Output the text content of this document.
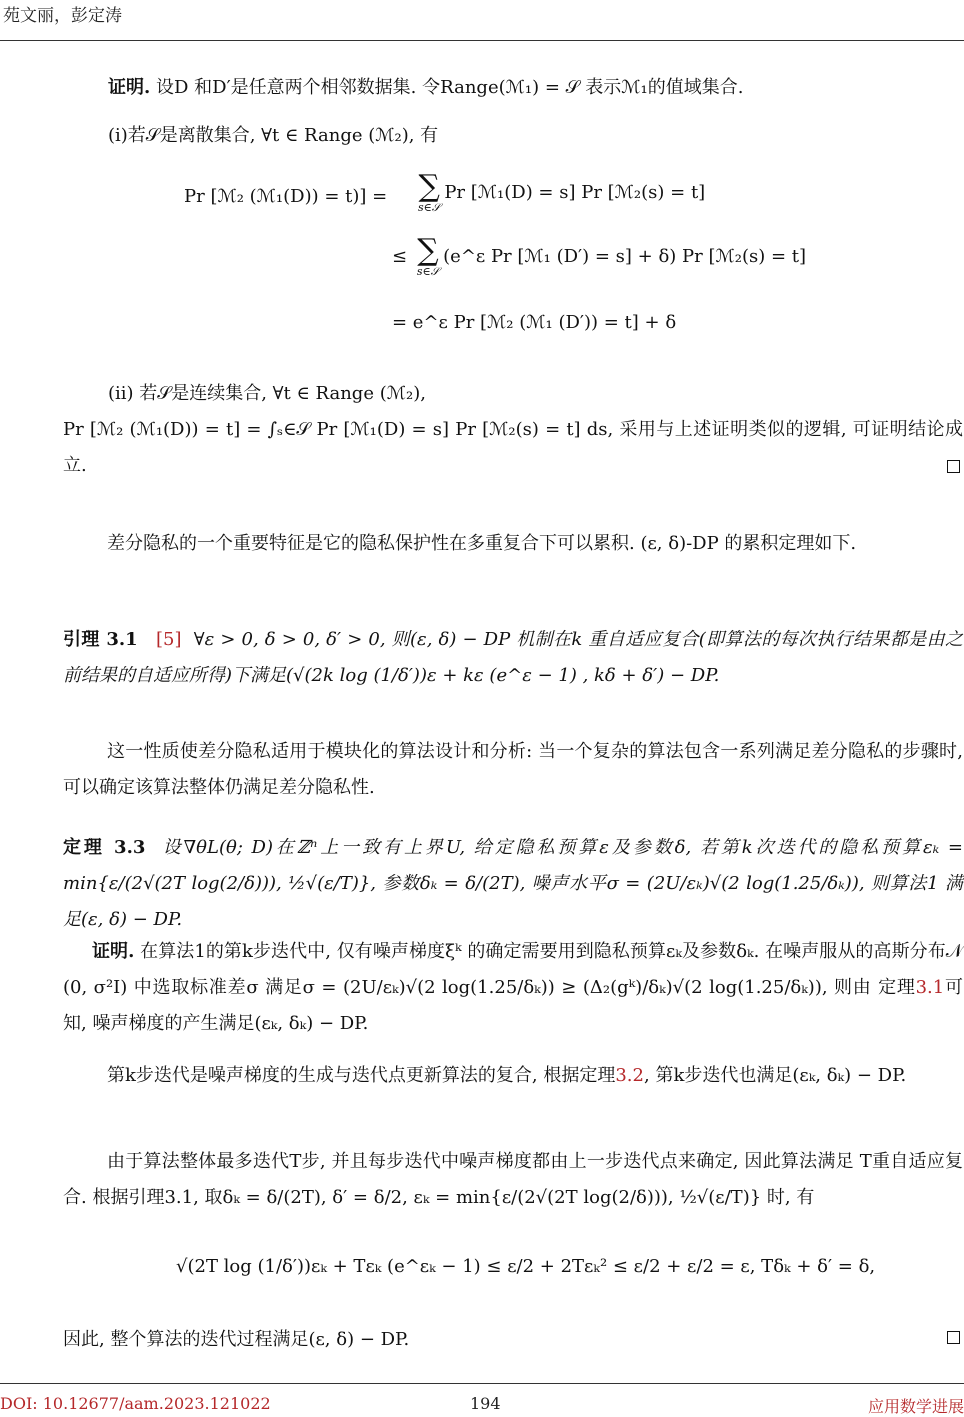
苑文丽，彭定涛
证明. 设D 和D′是任意两个相邻数据集. 令Range(ℳ₁) = 𝒮 表示ℳ₁的值域集合.
(i)若𝒮是离散集合, ∀t ∈ Range (ℳ₂), 有
Pr [ℳ₂ (ℳ₁(D)) = t)] = ∑
s∈𝒮
Pr [ℳ₁(D) = s] Pr [ℳ₂(s) = t]
≤ ∑
s∈𝒮
(e^ε Pr [ℳ₁ (D′) = s] + δ) Pr [ℳ₂(s) = t]
= e^ε Pr [ℳ₂ (ℳ₁ (D′)) = t] + δ
(ii) 若𝒮是连续集合, ∀t ∈ Range (ℳ₂),
Pr [ℳ₂ (ℳ₁(D)) = t] = ∫ₛ∈𝒮 Pr [ℳ₁(D) = s] Pr [ℳ₂(s) = t] ds, 采用与上述证明类似的逻辑, 可证明结论成立.
差分隐私的一个重要特征是它的隐私保护性在多重复合下可以累积. (ε, δ)-DP 的累积定理如下.
引理 3.1 [5] ∀ε > 0, δ > 0, δ′ > 0, 则(ε, δ) − DP 机制在k 重自适应复合(即算法的每次执行结果都是由之前结果的自适应所得)下满足(√(2k log (1/δ′))ε + kε (e^ε − 1) , kδ + δ′) − DP.
这一性质使差分隐私适用于模块化的算法设计和分析: 当一个复杂的算法包含一系列满足差分隐私的步骤时, 可以确定该算法整体仍满足差分隐私性.
定理 3.3 设∇θL(θ; D)在ℤⁿ上一致有上界U, 给定隐私预算ε及参数δ, 若第k次迭代的隐私预算εₖ = min{ε/(2√(2T log(2/δ))), ½√(ε/T)}, 参数δₖ = δ/(2T), 噪声水平σ = (2U/εₖ)√(2 log(1.25/δₖ)), 则算法1 满足(ε, δ) − DP.
证明. 在算法1的第k步迭代中, 仅有噪声梯度ξᵏ 的确定需要用到隐私预算εₖ及参数δₖ. 在噪声服从的高斯分布𝒩 (0, σ²I) 中选取标准差σ 满足σ = (2U/εₖ)√(2 log(1.25/δₖ)) ≥ (Δ₂(gᵏ)/δₖ)√(2 log(1.25/δₖ)), 则由 定理3.1可知, 噪声梯度的产生满足(εₖ, δₖ) − DP.
第k步迭代是噪声梯度的生成与迭代点更新算法的复合, 根据定理3.2, 第k步迭代也满足(εₖ, δₖ) − DP.
由于算法整体最多迭代T步, 并且每步迭代中噪声梯度都由上一步迭代点来确定, 因此算法满足 T重自适应复合. 根据引理3.1, 取δₖ = δ/(2T), δ′ = δ/2, εₖ = min{ε/(2√(2T log(2/δ))), ½√(ε/T)} 时, 有
√(2T log (1/δ′))εₖ + Tεₖ (e^εₖ − 1) ≤ ε/2 + 2Tεₖ² ≤ ε/2 + ε/2 = ε, Tδₖ + δ′ = δ,
因此, 整个算法的迭代过程满足(ε, δ) − DP.
DOI: 10.12677/aam.2023.121022	194	应用数学进展
